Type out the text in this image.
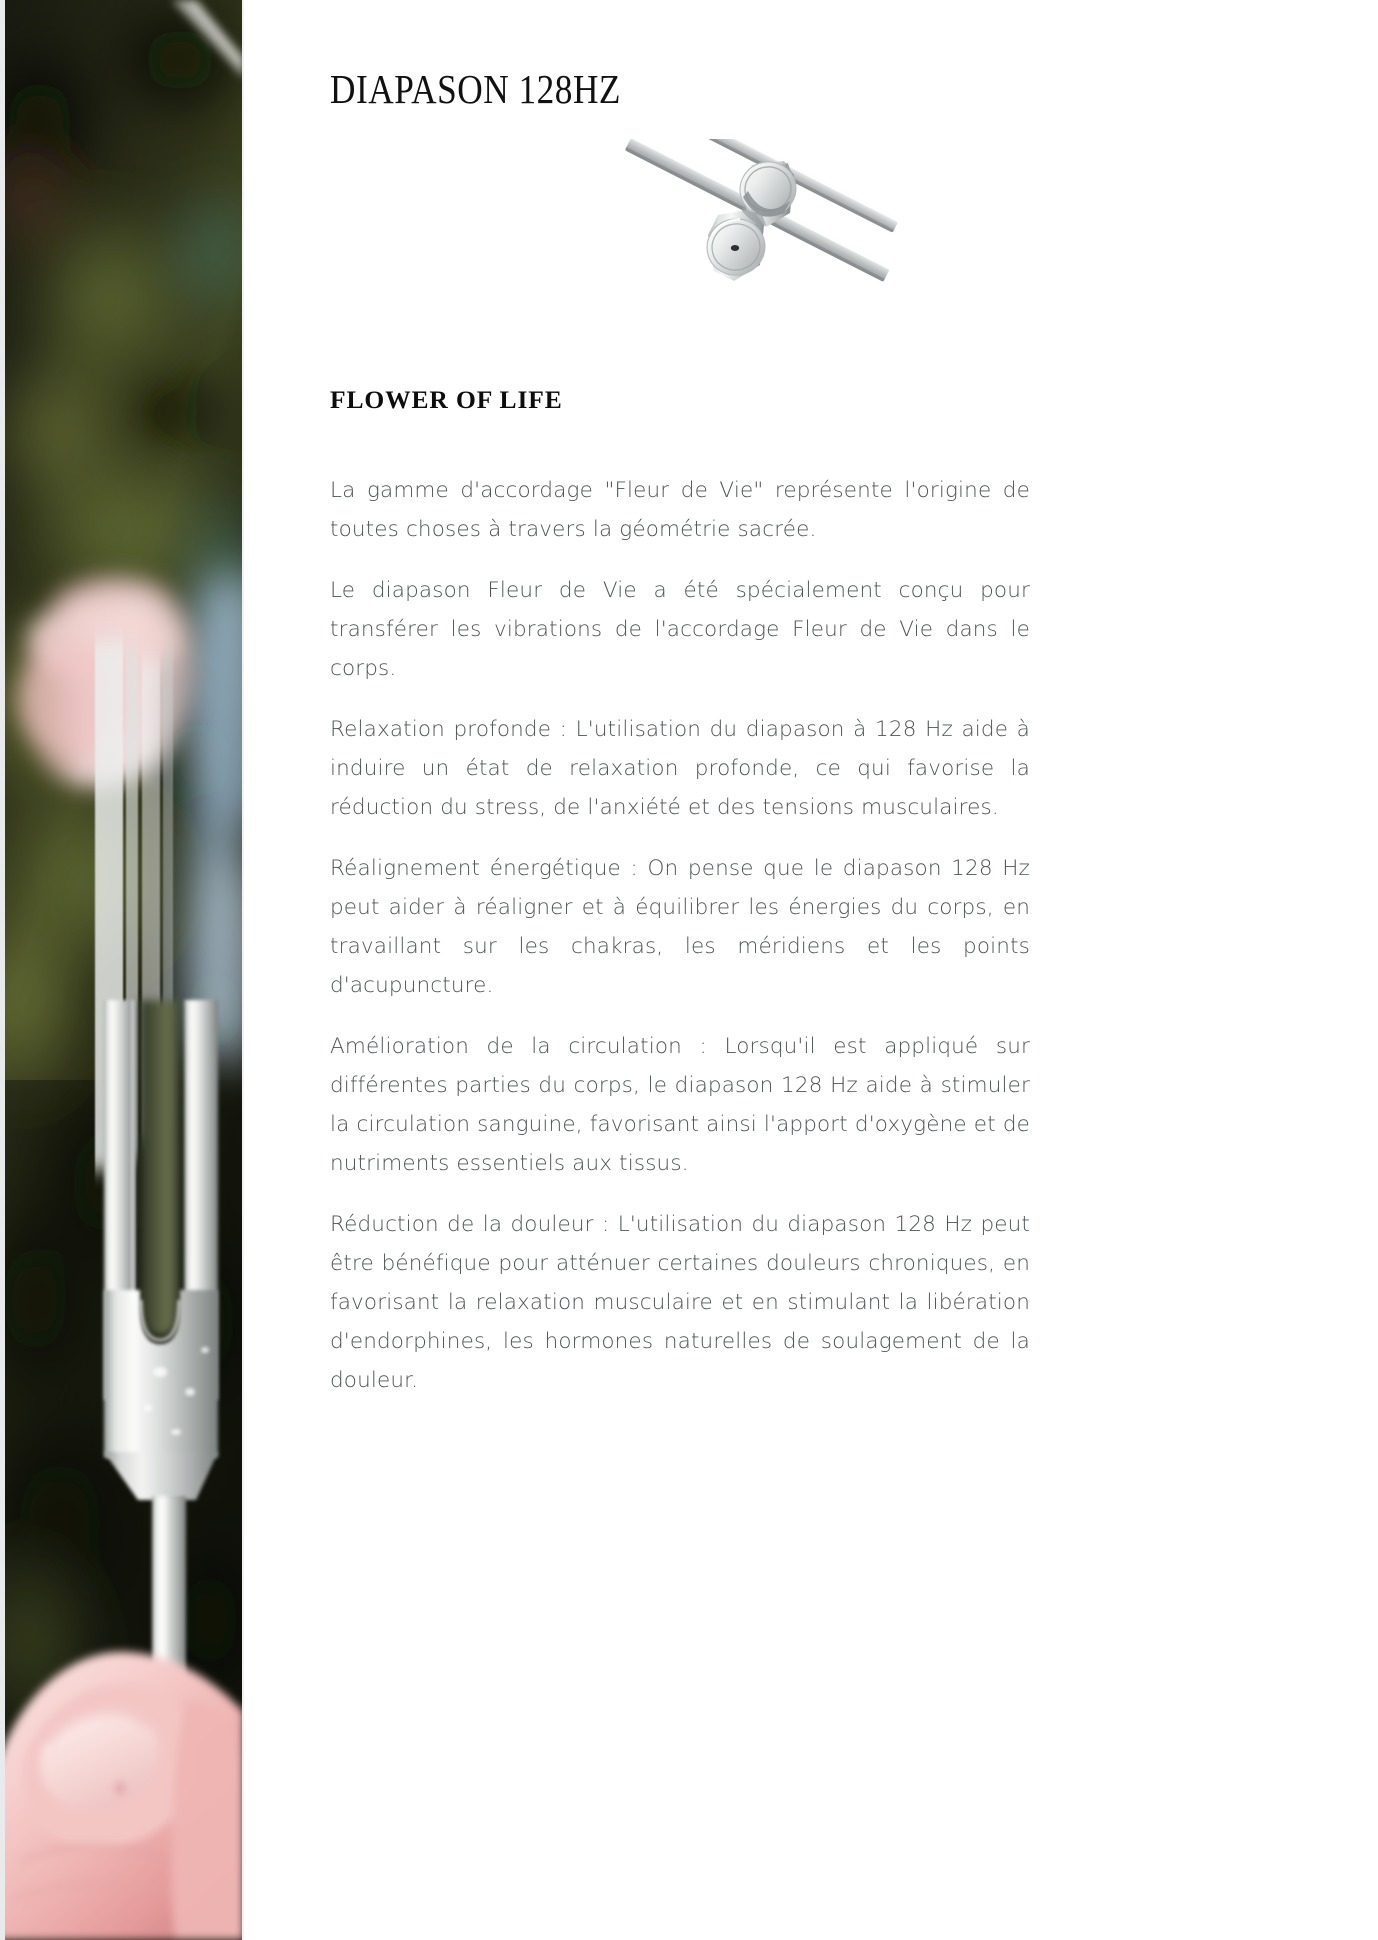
DIAPASON 128HZ
FLOWER OF LIFE

La gamme d'accordage "Fleur de Vie" représente l'origine de toutes choses à travers la géométrie sacrée.

Le diapason Fleur de Vie a été spécialement conçu pour transférer les vibrations de l'accordage Fleur de Vie dans le corps.

Relaxation profonde : L'utilisation du diapason à 128 Hz aide à induire un état de relaxation profonde, ce qui favorise la réduction du stress, de l'anxiété et des tensions musculaires.

Réalignement énergétique : On pense que le diapason 128 Hz peut aider à réaligner et à équilibrer les énergies du corps, en travaillant sur les chakras, les méridiens et les points d'acupuncture.

Amélioration de la circulation : Lorsqu'il est appliqué sur différentes parties du corps, le diapason 128 Hz aide à stimuler la circulation sanguine, favorisant ainsi l'apport d'oxygène et de nutriments essentiels aux tissus.

Réduction de la douleur : L'utilisation du diapason 128 Hz peut être bénéfique pour atténuer certaines douleurs chroniques, en favorisant la relaxation musculaire et en stimulant la libération d'endorphines, les hormones naturelles de soulagement de la douleur.
